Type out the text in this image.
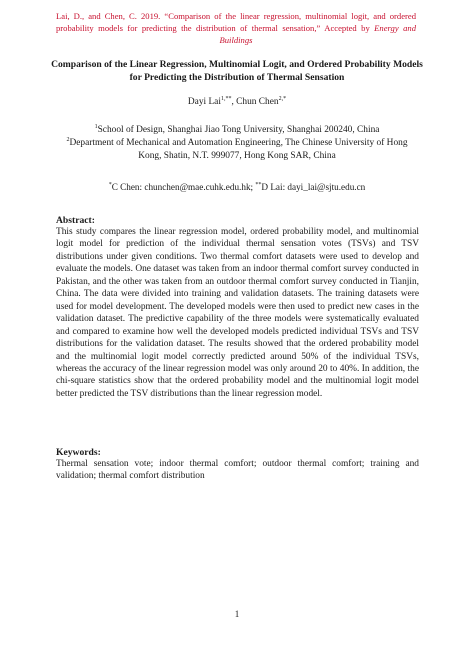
Lai, D., and Chen, C. 2019. “Comparison of the linear regression, multinomial logit, and ordered probability models for predicting the distribution of thermal sensation,” Accepted by Energy and Buildings
Comparison of the Linear Regression, Multinomial Logit, and Ordered Probability Models for Predicting the Distribution of Thermal Sensation
Dayi Lai$^{1,**}$, Chun Chen$^{2,*}$
$^1$School of Design, Shanghai Jiao Tong University, Shanghai 200240, China
$^2$Department of Mechanical and Automation Engineering, The Chinese University of Hong Kong, Shatin, N.T. 999077, Hong Kong SAR, China
*C Chen: chunchen@mae.cuhk.edu.hk; **D Lai: dayi_lai@sjtu.edu.cn
Abstract:
This study compares the linear regression model, ordered probability model, and multinomial logit model for prediction of the individual thermal sensation votes (TSVs) and TSV distributions under given conditions. Two thermal comfort datasets were used to develop and evaluate the models. One dataset was taken from an indoor thermal comfort survey conducted in Pakistan, and the other was taken from an outdoor thermal comfort survey conducted in Tianjin, China. The data were divided into training and validation datasets. The training datasets were used for model development. The developed models were then used to predict new cases in the validation dataset. The predictive capability of the three models were systematically evaluated and compared to examine how well the developed models predicted individual TSVs and TSV distributions for the validation dataset. The results showed that the ordered probability model and the multinomial logit model correctly predicted around 50% of the individual TSVs, whereas the accuracy of the linear regression model was only around 20 to 40%. In addition, the chi-square statistics show that the ordered probability model and the multinomial logit model better predicted the TSV distributions than the linear regression model.
Keywords:
Thermal sensation vote; indoor thermal comfort; outdoor thermal comfort; training and validation; thermal comfort distribution
1
